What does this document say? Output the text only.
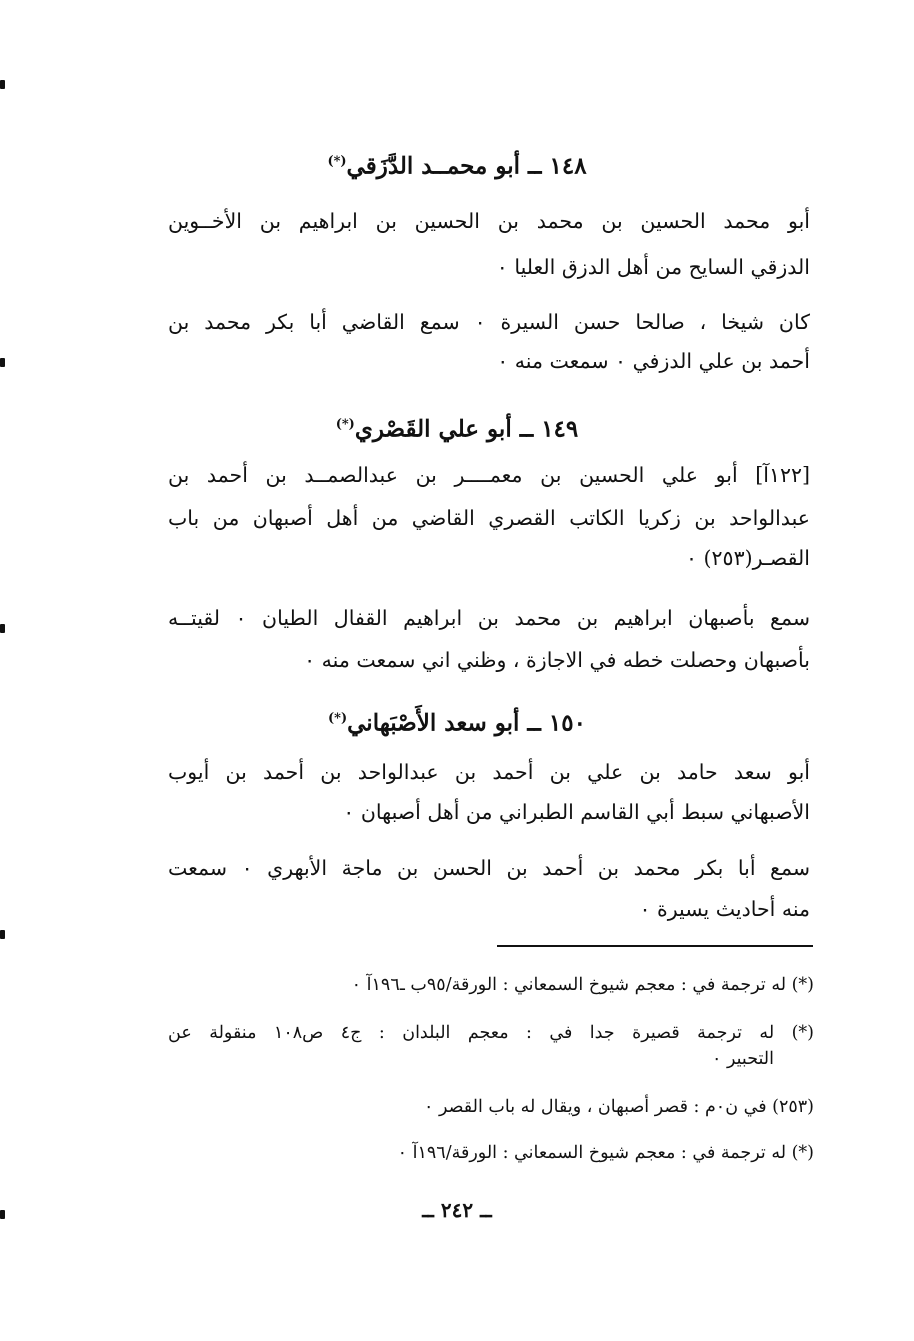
١٤٨ ــ أبو محمــد الدَّزَقي(*)
أبو محمد الحسين بن محمد بن الحسين بن ابراهيم بن الأخــوين
الدزقي السايح من أهل الدزق العليا ٠
كان شيخا ، صالحا حسن السيرة ٠ سمع القاضي أبا بكر محمد بن
أحمد بن علي الدزفي ٠ سمعت منه ٠
١٤٩ ــ أبو علي القَصْري(*)
[١٢٢آ] أبو علي الحسين بن معمــــر بن عبدالصمــد بن أحمد بن
عبدالواحد بن زكريا الكاتب القصري القاضي من أهل أصبهان من باب
القصـر(٢٥٣) ٠
سمع بأصبهان ابراهيم بن محمد بن ابراهيم القفال الطيان ٠ لقيتــه
بأصبهان وحصلت خطه في الاجازة ، وظني اني سمعت منه ٠
١٥٠ ــ أبو سعد الأَصْبَهاني(*)
أبو سعد حامد بن علي بن أحمد بن عبدالواحد بن أحمد بن أيوب
الأصبهاني سبط أبي القاسم الطبراني من أهل أصبهان ٠
سمع أبا بكر محمد بن أحمد بن الحسن بن ماجة الأبهري ٠ سمعت
منه أحاديث يسيرة ٠
(*) له ترجمة في : معجم شيوخ السمعاني : الورقة/٩٥ب ـ١٩٦آ ٠
(*) له ترجمة قصيرة جدا في : معجم البلدان : ج٤ ص١٠٨ منقولة عن
التحبير ٠
(٢٥٣) في ن٠م : قصر أصبهان ، ويقال له باب القصر ٠
(*) له ترجمة في : معجم شيوخ السمعاني : الورقة/١٩٦آ ٠
ــ ٢٤٢ ــ
